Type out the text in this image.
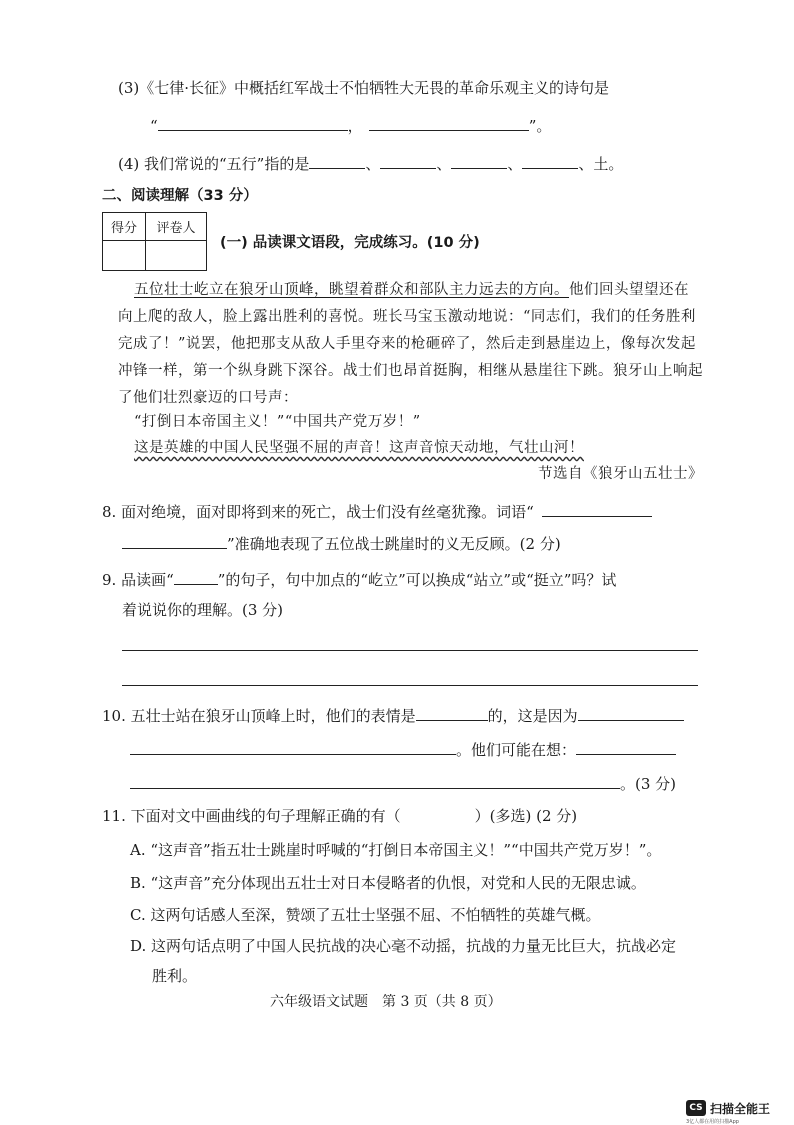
(3)《七律·长征》中概括红军战士不怕牺牲大无畏的革命乐观主义的诗句是
“	，	”。
(4) 我们常说的“五行”指的是	、	、	、	、土。
二、阅读理解（33 分）
得分	评卷人

(一) 品读课文语段，完成练习。(10 分)
五位壮士屹立在狼牙山顶峰，眺望着群众和部队主力远去的方向。他们回头望望还在
向上爬的敌人，脸上露出胜利的喜悦。班长马宝玉激动地说：“同志们，我们的任务胜利
完成了！”说罢，他把那支从敌人手里夺来的枪砸碎了，然后走到悬崖边上，像每次发起
冲锋一样，第一个纵身跳下深谷。战士们也昂首挺胸，相继从悬崖往下跳。狼牙山上响起
了他们壮烈豪迈的口号声：
“打倒日本帝国主义！”“中国共产党万岁！”
这是英雄的中国人民坚强不屈的声音！这声音惊天动地，气壮山河！
节选自《狼牙山五壮士》
8. 面对绝境，面对即将到来的死亡，战士们没有丝毫犹豫。词语“
”准确地表现了五位战士跳崖时的义无反顾。(2 分)
9. 品读画“	”的句子，句中加点的“屹立”可以换成“站立”或“挺立”吗？试
着说说你的理解。(3 分)
10. 五壮士站在狼牙山顶峰上时，他们的表情是	的，这是因为
。他们可能在想：
。(3 分)
11. 下面对文中画曲线的句子理解正确的有（	）(多选) (2 分)
A. “这声音”指五壮士跳崖时呼喊的“打倒日本帝国主义！”“中国共产党万岁！”。
B. “这声音”充分体现出五壮士对日本侵略者的仇恨，对党和人民的无限忠诚。
C. 这两句话感人至深，赞颂了五壮士坚强不屈、不怕牺牲的英雄气概。
D. 这两句话点明了中国人民抗战的决心毫不动摇，抗战的力量无比巨大，抗战必定
胜利。
六年级语文试题　第 3 页（共 8 页）
CS 扫描全能王
3亿人都在用的扫描App
